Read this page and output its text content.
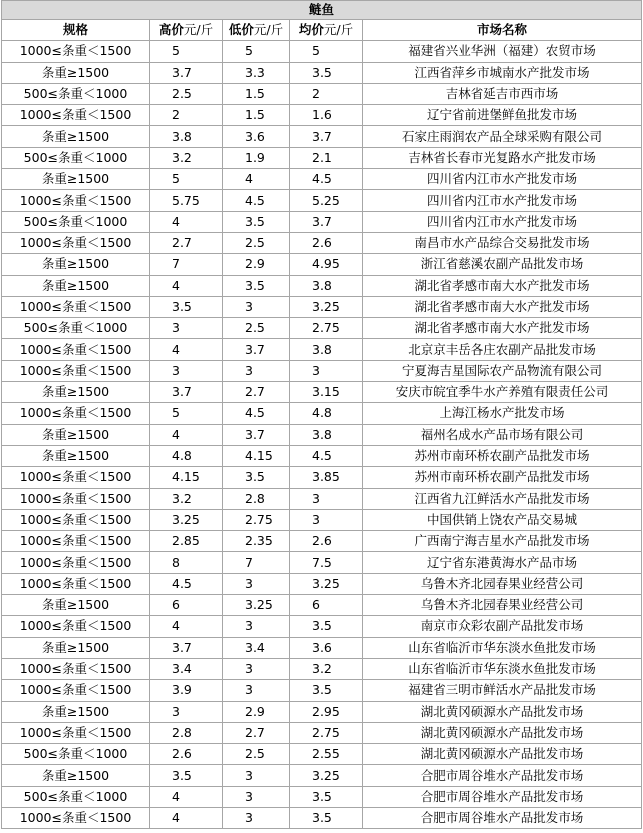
鲢鱼				
规格	高价元/斤	低价元/斤	均价元/斤	市场名称
1000≤条重＜1500	5	5	5	福建省兴业华洲（福建）农贸市场
条重≥1500	3.7	3.3	3.5	江西省萍乡市城南水产批发市场
500≤条重＜1000	2.5	1.5	2	吉林省延吉市西市场
1000≤条重＜1500	2	1.5	1.6	辽宁省前进堡鲜鱼批发市场
条重≥1500	3.8	3.6	3.7	石家庄雨润农产品全球采购有限公司
500≤条重＜1000	3.2	1.9	2.1	吉林省长春市光复路水产批发市场
条重≥1500	5	4	4.5	四川省内江市水产批发市场
1000≤条重＜1500	5.75	4.5	5.25	四川省内江市水产批发市场
500≤条重＜1000	4	3.5	3.7	四川省内江市水产批发市场
1000≤条重＜1500	2.7	2.5	2.6	南昌市水产品综合交易批发市场
条重≥1500	7	2.9	4.95	浙江省慈溪农副产品批发市场
条重≥1500	4	3.5	3.8	湖北省孝感市南大水产批发市场
1000≤条重＜1500	3.5	3	3.25	湖北省孝感市南大水产批发市场
500≤条重＜1000	3	2.5	2.75	湖北省孝感市南大水产批发市场
1000≤条重＜1500	4	3.7	3.8	北京京丰岳各庄农副产品批发市场
1000≤条重＜1500	3	3	3	宁夏海吉星国际农产品物流有限公司
条重≥1500	3.7	2.7	3.15	安庆市皖宜季牛水产养殖有限责任公司
1000≤条重＜1500	5	4.5	4.8	上海江杨水产批发市场
条重≥1500	4	3.7	3.8	福州名成水产品市场有限公司
条重≥1500	4.8	4.15	4.5	苏州市南环桥农副产品批发市场
1000≤条重＜1500	4.15	3.5	3.85	苏州市南环桥农副产品批发市场
1000≤条重＜1500	3.2	2.8	3	江西省九江鲜活水产品批发市场
1000≤条重＜1500	3.25	2.75	3	中国供销上饶农产品交易城
1000≤条重＜1500	2.85	2.35	2.6	广西南宁海吉星水产品批发市场
1000≤条重＜1500	8	7	7.5	辽宁省东港黄海水产品市场
1000≤条重＜1500	4.5	3	3.25	乌鲁木齐北园春果业经营公司
条重≥1500	6	3.25	6	乌鲁木齐北园春果业经营公司
1000≤条重＜1500	4	3	3.5	南京市众彩农副产品批发市场
条重≥1500	3.7	3.4	3.6	山东省临沂市华东淡水鱼批发市场
1000≤条重＜1500	3.4	3	3.2	山东省临沂市华东淡水鱼批发市场
1000≤条重＜1500	3.9	3	3.5	福建省三明市鲜活水产品批发市场
条重≥1500	3	2.9	2.95	湖北黄冈硕源水产品批发市场
1000≤条重＜1500	2.8	2.7	2.75	湖北黄冈硕源水产品批发市场
500≤条重＜1000	2.6	2.5	2.55	湖北黄冈硕源水产品批发市场
条重≥1500	3.5	3	3.25	合肥市周谷堆水产品批发市场
500≤条重＜1000	4	3	3.5	合肥市周谷堆水产品批发市场
1000≤条重＜1500	4	3	3.5	合肥市周谷堆水产品批发市场
